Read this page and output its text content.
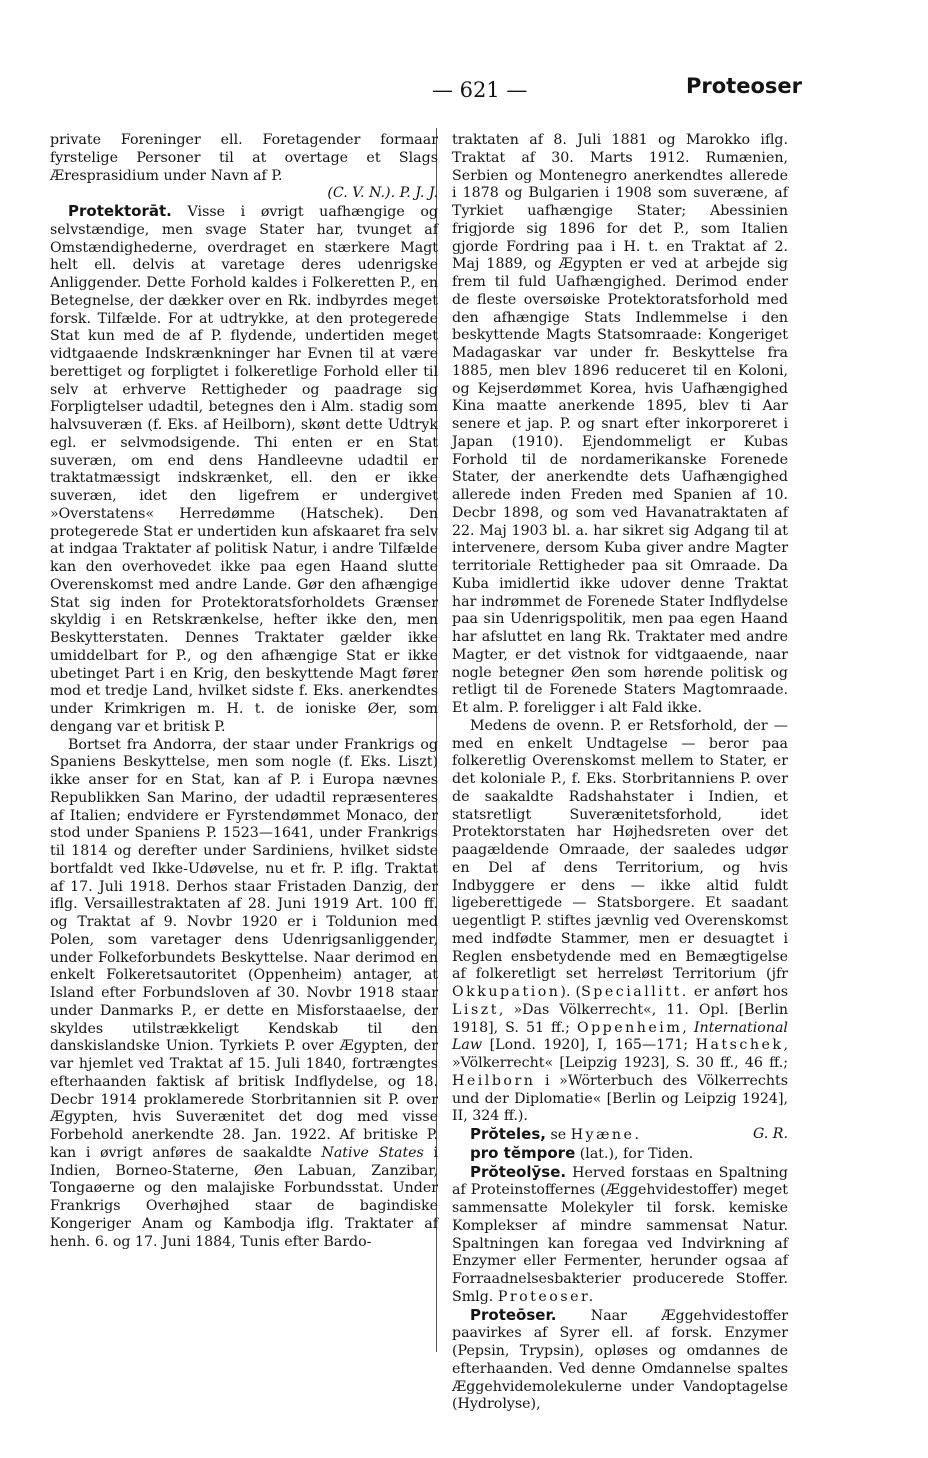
— 621 —	Proteoser

private Foreninger ell. Foretagender formaar fyrstelige Personer til at overtage et Slags Æresprasidium under Navn af P.

(C. V. N.). P. J. J.

Protektorāt. Visse i øvrigt uafhængige og selvstændige, men svage Stater har, tvunget af Omstændighederne, overdraget en stærkere Magt helt ell. delvis at varetage deres udenrigske Anliggender. Dette Forhold kaldes i Folkeretten P., en Betegnelse, der dækker over en Rk. indbyrdes meget forsk. Tilfælde. For at udtrykke, at den protegerede Stat kun med de af P. flydende, undertiden meget vidtgaaende Indskrænkninger har Evnen til at være berettiget og forpligtet i folkeretlige Forhold eller til selv at erhverve Rettigheder og paadrage sig Forpligtelser udadtil, betegnes den i Alm. stadig som halvsuveræn (f. Eks. af Heilborn), skønt dette Udtryk egl. er selvmodsigende. Thi enten er en Stat suveræn, om end dens Handleevne udadtil er traktatmæssigt indskrænket, ell. den er ikke suveræn, idet den ligefrem er undergivet »Overstatens« Herredømme (Hatschek). Den protegerede Stat er undertiden kun afskaaret fra selv at indgaa Traktater af politisk Natur, i andre Tilfælde kan den overhovedet ikke paa egen Haand slutte Overenskomst med andre Lande. Gør den afhængige Stat sig inden for Protektoratsforholdets Grænser skyldig i en Retskrænkelse, hefter ikke den, men Beskytterstaten. Dennes Traktater gælder ikke umiddelbart for P., og den afhængige Stat er ikke ubetinget Part i en Krig, den beskyttende Magt fører mod et tredje Land, hvilket sidste f. Eks. anerkendtes under Krimkrigen m. H. t. de ioniske Øer, som dengang var et britisk P.

Bortset fra Andorra, der staar under Frankrigs og Spaniens Beskyttelse, men som nogle (f. Eks. Liszt) ikke anser for en Stat, kan af P. i Europa nævnes Republikken San Marino, der udadtil repræsenteres af Italien; endvidere er Fyrstendømmet Monaco, der stod under Spaniens P. 1523—1641, under Frankrigs til 1814 og derefter under Sardiniens, hvilket sidste bortfaldt ved Ikke-Udøvelse, nu et fr. P. iflg. Traktat af 17. Juli 1918. Derhos staar Fristaden Danzig, der iflg. Versaillestraktaten af 28. Juni 1919 Art. 100 ff. og Traktat af 9. Novbr 1920 er i Toldunion med Polen, som varetager dens Udenrigsanliggender, under Folkeforbundets Beskyttelse. Naar derimod en enkelt Folkeretsautoritet (Oppenheim) antager, at Island efter Forbundsloven af 30. Novbr 1918 staar under Danmarks P., er dette en Misforstaaelse, der skyldes utilstrækkeligt Kendskab til den danskislandske Union. Tyrkiets P. over Ægypten, der var hjemlet ved Traktat af 15. Juli 1840, fortrængtes efterhaanden faktisk af britisk Indflydelse, og 18. Decbr 1914 proklamerede Storbritannien sit P. over Ægypten, hvis Suverænitet det dog med visse Forbehold anerkendte 28. Jan. 1922. Af britiske P. kan i øvrigt anføres de saakaldte Native States i Indien, Borneo-Staterne, Øen Labuan, Zanzibar, Tongaøerne og den malajiske Forbundsstat. Under Frankrigs Overhøjhed staar de bagindiske Kongeriger Anam og Kambodja iflg. Traktater af henh. 6. og 17. Juni 1884, Tunis efter Bardo-

traktaten af 8. Juli 1881 og Marokko iflg. Traktat af 30. Marts 1912. Rumænien, Serbien og Montenegro anerkendtes allerede i 1878 og Bulgarien i 1908 som suveræne, af Tyrkiet uafhængige Stater; Abessinien frigjorde sig 1896 for det P., som Italien gjorde Fordring paa i H. t. en Traktat af 2. Maj 1889, og Ægypten er ved at arbejde sig frem til fuld Uafhængighed. Derimod ender de fleste oversøiske Protektoratsforhold med den afhængige Stats Indlemmelse i den beskyttende Magts Statsomraade: Kongeriget Madagaskar var under fr. Beskyttelse fra 1885, men blev 1896 reduceret til en Koloni, og Kejserdømmet Korea, hvis Uafhængighed Kina maatte anerkende 1895, blev ti Aar senere et jap. P. og snart efter inkorporeret i Japan (1910). Ejendommeligt er Kubas Forhold til de nordamerikanske Forenede Stater, der anerkendte dets Uafhængighed allerede inden Freden med Spanien af 10. Decbr 1898, og som ved Havanatraktaten af 22. Maj 1903 bl. a. har sikret sig Adgang til at intervenere, dersom Kuba giver andre Magter territoriale Rettigheder paa sit Omraade. Da Kuba imidlertid ikke udover denne Traktat har indrømmet de Forenede Stater Indflydelse paa sin Udenrigspolitik, men paa egen Haand har afsluttet en lang Rk. Traktater med andre Magter, er det vistnok for vidtgaaende, naar nogle betegner Øen som hørende politisk og retligt til de Forenede Staters Magtomraade. Et alm. P. foreligger i alt Fald ikke.

Medens de ovenn. P. er Retsforhold, der — med en enkelt Undtagelse — beror paa folkeretlig Overenskomst mellem to Stater, er det koloniale P., f. Eks. Storbritanniens P. over de saakaldte Radshahstater i Indien, et statsretligt Suverænitetsforhold, idet Protektorstaten har Højhedsreten over det paagældende Omraade, der saaledes udgør en Del af dens Territorium, og hvis Indbyggere er dens — ikke altid fuldt ligeberettigede — Statsborgere. Et saadant uegentligt P. stiftes jævnlig ved Overenskomst med indfødte Stammer, men er desuagtet i Reglen ensbetydende med en Bemægtigelse af folkeretligt set herreløst Territorium (jfr Okkupation). (Speciallitt. er anført hos Liszt, »Das Völkerrecht«, 11. Opl. [Berlin 1918], S. 51 ff.; Oppenheim, International Law [Lond. 1920], I, 165—171; Hatschek, »Völkerrecht« [Leipzig 1923], S. 30 ff., 46 ff.; Heilborn i »Wörterbuch des Völkerrechts und der Diplomatie« [Berlin og Leipzig 1924], II, 324 ff.).

Prŏteles, se Hyæne.	G. R.

pro tĕmpore (lat.), for Tiden.

Prŏteolȳse. Herved forstaas en Spaltning af Proteinstoffernes (Æggehvidestoffer) meget sammensatte Molekyler til forsk. kemiske Komplekser af mindre sammensat Natur. Spaltningen kan foregaa ved Indvirkning af Enzymer eller Fermenter, herunder ogsaa af Forraadnelsesbakterier producerede Stoffer. Smlg. Proteoser.

Proteōser. Naar Æggehvidestoffer paavirkes af Syrer ell. af forsk. Enzymer (Pepsin, Trypsin), opløses og omdannes de efterhaanden. Ved denne Omdannelse spaltes Æggehvidemolekulerne under Vandoptagelse (Hydrolyse),
